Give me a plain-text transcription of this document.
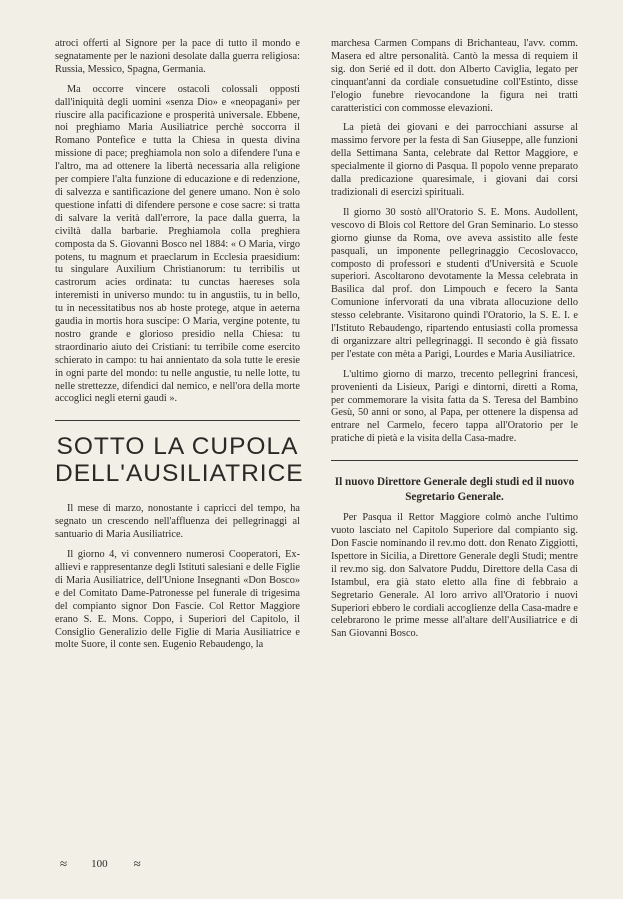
atroci offerti al Signore per la pace di tutto il mondo e segnatamente per le nazioni desolate dalla guerra religiosa: Russia, Messico, Spagna, Germania.

Ma occorre vincere ostacoli colossali opposti dall'iniquità degli uomini «senza Dio» e «neopagani» per riuscire alla pacificazione e prosperità universale. Ebbene, noi preghiamo Maria Ausiliatrice perchè soccorra il Romano Pontefice e tutta la Chiesa in questa divina missione di pace; preghiamola non solo a difendere l'una e l'altro, ma ad ottenere la libertà necessaria alla religione per compiere l'alta funzione di educazione e di redenzione, di salvezza e santificazione del genere umano. Non è solo questione infatti di difendere persone e cose sacre: si tratta di salvare la verità dall'errore, la pace dalla guerra, la civiltà dalla barbarie. Preghiamola colla preghiera composta da S. Giovanni Bosco nel 1884: « O Maria, virgo potens, tu magnum et praeclarum in Ecclesia praesidium: tu singulare Auxilium Christianorum: tu terribilis ut castrorum acies ordinata: tu cunctas haereses sola interemisti in universo mundo: tu in angustiis, tu in bello, tu in necessitatibus nos ab hoste protege, atque in aeterna gaudia in mortis hora suscipe: O Maria, vergine potente, tu nostro grande e glorioso presidio nella Chiesa: tu straordinario aiuto dei Cristiani: tu terribile come esercito schierato in campo: tu hai annientato da sola tutte le eresie in ogni parte del mondo: tu nelle angustie, tu nelle lotte, tu nelle strettezze, difendici dal nemico, e nell'ora della morte accoglici negli eterni gaudi ».

SOTTO LA CUPOLA
DELL'AUSILIATRICE

Il mese di marzo, nonostante i capricci del tempo, ha segnato un crescendo nell'affluenza dei pellegrinaggi al santuario di Maria Ausiliatrice.

Il giorno 4, vi convennero numerosi Cooperatori, Ex-allievi e rappresentanze degli Istituti salesiani e delle Figlie di Maria Ausiliatrice, dell'Unione Insegnanti «Don Bosco» e del Comitato Dame-Patronesse pel funerale di trigesima del compianto signor Don Fascie. Col Rettor Maggiore erano S. E. Mons. Coppo, i Superiori del Capitolo, il Consiglio Generalizio delle Figlie di Maria Ausiliatrice e molte Suore, il conte sen. Eugenio Rebaudengo, la

marchesa Carmen Compans di Brichanteau, l'avv. comm. Masera ed altre personalità. Cantò la messa di requiem il sig. don Serié ed il dott. don Alberto Caviglia, legato per cinquant'anni da cordiale consuetudine coll'Estinto, disse l'elogio funebre rievocandone la figura nei tratti caratteristici con commosse elevazioni.

La pietà dei giovani e dei parrocchiani assurse al massimo fervore per la festa di San Giuseppe, alle funzioni della Settimana Santa, celebrate dal Rettor Maggiore, e specialmente il giorno di Pasqua. Il popolo venne preparato dalla predicazione quaresimale, i giovani dai corsi tradizionali di esercizi spirituali.

Il giorno 30 sostò all'Oratorio S. E. Mons. Audollent, vescovo di Blois col Rettore del Gran Seminario. Lo stesso giorno giunse da Roma, ove aveva assistito alle feste pasquali, un imponente pellegrinaggio Cecoslovacco, composto di professori e studenti d'Università e Scuole superiori. Ascoltarono devotamente la Messa celebrata in Basilica dal prof. don Limpouch e fecero la Santa Comunione infervorati da una vibrata allocuzione dello stesso celebrante. Visitarono quindi l'Oratorio, la S. E. I. e l'Istituto Rebaudengo, ripartendo entusiasti colla promessa di organizzare altri pellegrinaggi. Il secondo è già fissato per l'estate con mèta a Parigi, Lourdes e Maria Ausiliatrice.

L'ultimo giorno di marzo, trecento pellegrini francesi, provenienti da Lisieux, Parigi e dintorni, diretti a Roma, per commemorare la visita fatta da S. Teresa del Bambino Gesù, 50 anni or sono, al Papa, per ottenere la dispensa ad entrare nel Carmelo, fecero tappa all'Oratorio per le pratiche di pietà e la visita della Casa-madre.

Il nuovo Direttore Generale degli studi ed il nuovo Segretario Generale.

Per Pasqua il Rettor Maggiore colmò anche l'ultimo vuoto lasciato nel Capitolo Superiore dal compianto sig. Don Fascie nominando il rev.mo dott. don Renato Ziggiotti, Ispettore in Sicilia, a Direttore Generale degli Studi; mentre il rev.mo sig. don Salvatore Puddu, Direttore della Casa di Istambul, era già stato eletto alla fine di febbraio a Segretario Generale. Al loro arrivo all'Oratorio i nuovi Superiori ebbero le cordiali accoglienze della Casa-madre e celebrarono le prime messe all'altare dell'Ausiliatrice e di San Giovanni Bosco.

≈ 100 ≈
